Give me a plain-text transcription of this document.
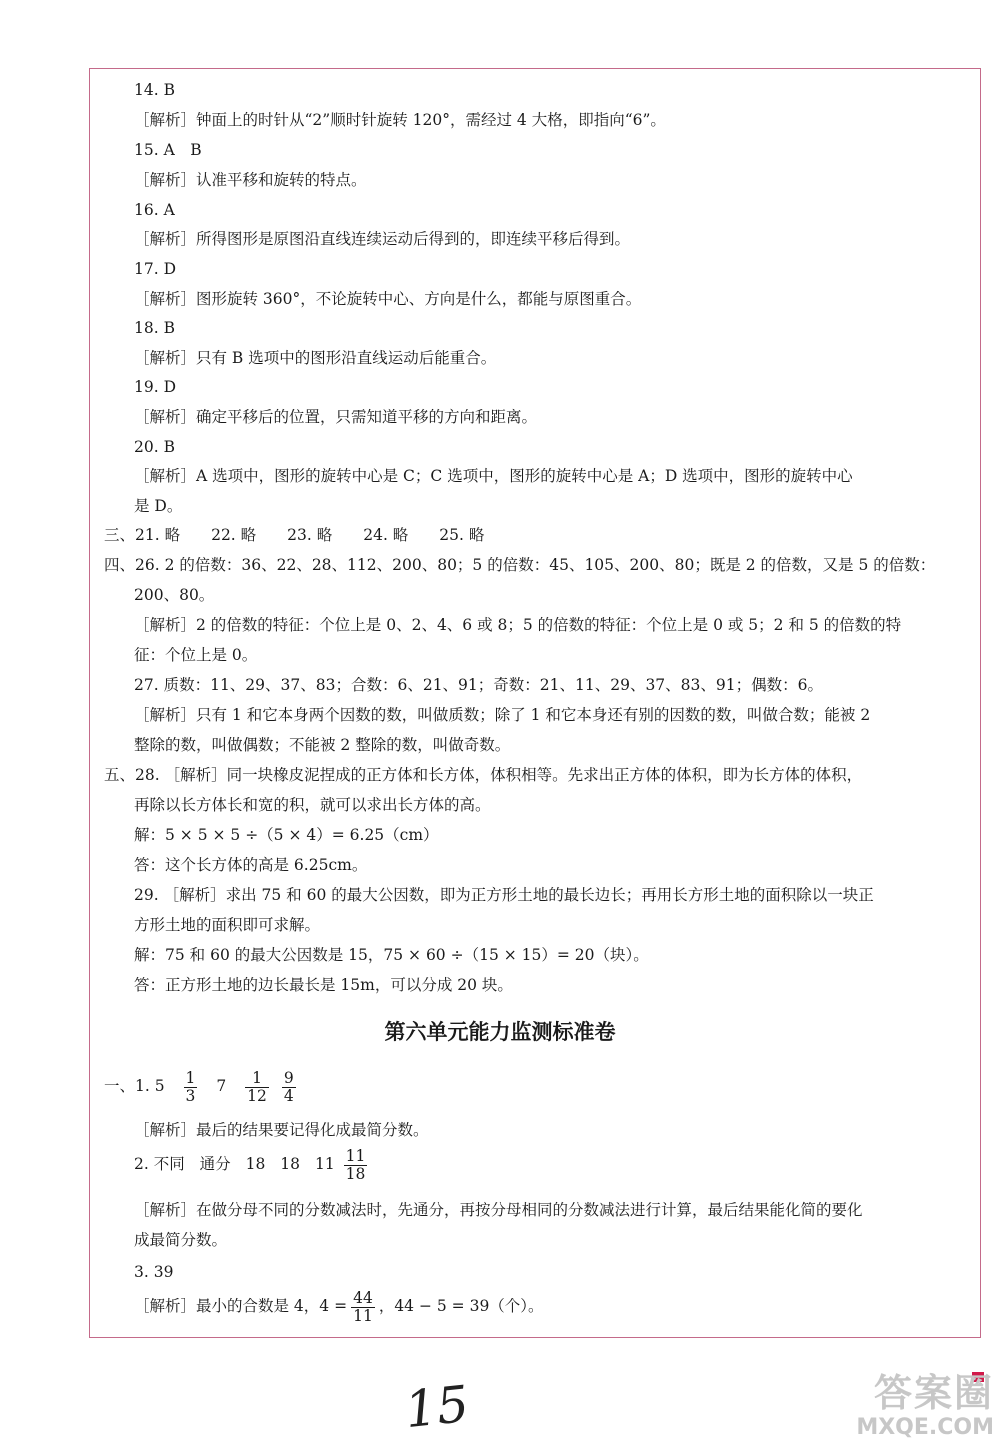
14. B
［解析］钟面上的时针从“2”顺时针旋转 120°，需经过 4 大格，即指向“6”。
15. A　B
［解析］认准平移和旋转的特点。
16. A
［解析］所得图形是原图沿直线连续运动后得到的，即连续平移后得到。
17. D
［解析］图形旋转 360°，不论旋转中心、方向是什么，都能与原图重合。
18. B
［解析］只有 B 选项中的图形沿直线运动后能重合。
19. D
［解析］确定平移后的位置，只需知道平移的方向和距离。
20. B
［解析］A 选项中，图形的旋转中心是 C；C 选项中，图形的旋转中心是 A；D 选项中，图形的旋转中心
是 D。
三、21. 略　　22. 略　　23. 略　　24. 略　　25. 略
四、26. 2 的倍数：36、22、28、112、200、80；5 的倍数：45、105、200、80；既是 2 的倍数，又是 5 的倍数：
200、80。
［解析］2 的倍数的特征：个位上是 0、2、4、6 或 8；5 的倍数的特征：个位上是 0 或 5；2 和 5 的倍数的特
征：个位上是 0。
27. 质数：11、29、37、83；合数：6、21、91；奇数：21、11、29、37、83、91；偶数：6。
［解析］只有 1 和它本身两个因数的数，叫做质数；除了 1 和它本身还有别的因数的数，叫做合数；能被 2
整除的数，叫做偶数；不能被 2 整除的数，叫做奇数。
五、28. ［解析］同一块橡皮泥捏成的正方体和长方体，体积相等。先求出正方体的体积，即为长方体的体积，
再除以长方体长和宽的积，就可以求出长方体的高。
解：5 × 5 × 5 ÷（5 × 4）= 6.25（cm）
答：这个长方体的高是 6.25cm。
29. ［解析］求出 75 和 60 的最大公因数，即为正方形土地的最长边长；再用长方形土地的面积除以一块正
方形土地的面积即可求解。
解：75 和 60 的最大公因数是 15，75 × 60 ÷（15 × 15）= 20（块）。
答：正方形土地的边长最长是 15m，可以分成 20 块。
第六单元能力监测标准卷
一、1. $5 \frac{1}{3} 7 \frac{1}{12}$
$\frac{9}{4}$
［解析］最后的结果要记得化成最简分数。
2. 不同 通分 18 18 $11 \frac{11}{18}$
［解析］在做分母不同的分数减法时，先通分，再按分母相同的分数减法进行计算，最后结果能化简的要化
成最简分数。
3. 39
［解析］最小的合数是 4，$4 = \frac{44}{11}$ ，44 − 5 = 39（个）。
15	答案圈
MXQE.COM
